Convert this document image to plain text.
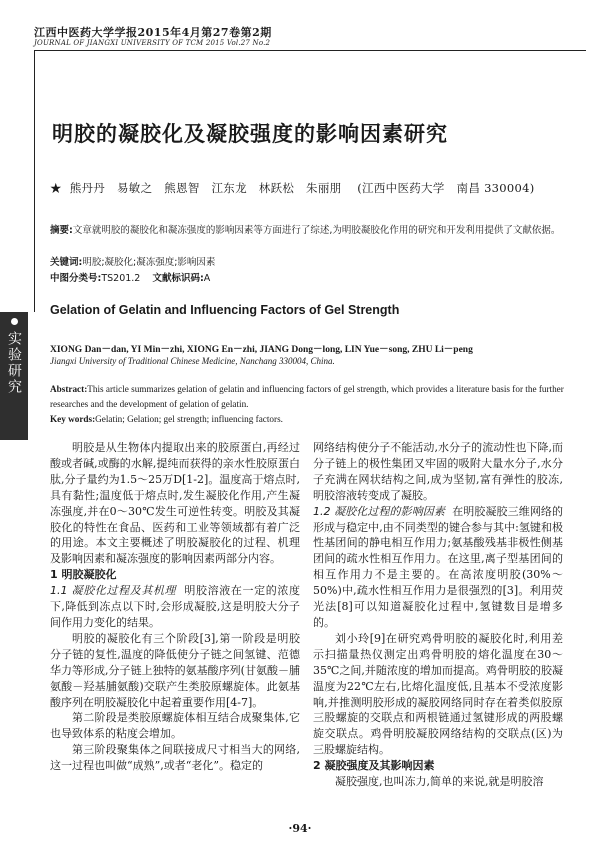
江西中医药大学学报2015年4月第27卷第2期
JOURNAL OF JIANGXI UNIVERSITY OF TCM 2015 Vol.27 No.2
实验研究
明胶的凝胶化及凝胶强度的影响因素研究
★  熊丹丹   易敏之   熊恩智   江东龙   林跃松   朱丽朋    (江西中医药大学   南昌 330004)
摘要:文章就明胶的凝胶化和凝冻强度的影响因素等方面进行了综述,为明胶凝胶化作用的研究和开发利用提供了文献依据。
关键词:明胶;凝胶化;凝冻强度;影响因素
中图分类号:TS201.2 文献标识码:A
Gelation of Gelatin and Influencing Factors of Gel Strength
XIONG Dan－dan, YI Min－zhi, XIONG En－zhi, JIANG Dong－long, LIN Yue－song, ZHU Li－peng
Jiangxi University of Traditional Chinese Medicine, Nanchang 330004, China.
Abstract:This article summarizes gelation of gelatin and influencing factors of gel strength, which provides a literature basis for the further researches and the development of gelation of gelatin.
Key words:Gelatin; Gelation; gel strength; influencing factors.

明胶是从生物体内提取出来的胶原蛋白,再经过酸或者碱,或酶的水解,提纯而获得的亲水性胶原蛋白肽,分子量约为1.5～25万D[1-2]。温度高于熔点时,具有黏性;温度低于熔点时,发生凝胶化作用,产生凝冻强度,并在0～30℃发生可逆性转变。明胶及其凝胶化的特性在食品、医药和工业等领域都有着广泛的用途。本文主要概述了明胶凝胶化的过程、机理及影响因素和凝冻强度的影响因素两部分内容。

1 明胶凝胶化

1.1 凝胶化过程及其机理 明胶溶液在一定的浓度下,降低到冻点以下时,会形成凝胶,这是明胶大分子间作用力变化的结果。

明胶的凝胶化有三个阶段[3],第一阶段是明胶分子链的复性,温度的降低使分子链之间氢键、范德华力等形成,分子链上独特的氨基酸序列(甘氨酸－脯氨酸－羟基脯氨酸)交联产生类胶原螺旋体。此氨基酸序列在明胶凝胶化中起着重要作用[4-7]。

第二阶段是类胶原螺旋体相互结合成聚集体,它也导致体系的粘度会增加。

第三阶段聚集体之间联接成尺寸相当大的网络,这一过程也叫做“成熟”,或者“老化”。稳定的

网络结构使分子不能活动,水分子的流动性也下降,而分子链上的极性集团又牢固的吸附大量水分子,水分子充满在网状结构之间,成为坚韧,富有弹性的胶冻,明胶溶液转变成了凝胶。

1.2 凝胶化过程的影响因素 在明胶凝胶三维网络的形成与稳定中,由不同类型的键合参与其中:氢键和极性基团间的静电相互作用力;氨基酸残基非极性侧基团间的疏水性相互作用力。在这里,离子型基团间的相互作用力不是主要的。在高浓度明胶(30%～50%)中,疏水性相互作用力是很强烈的[3]。利用荧光法[8]可以知道凝胶化过程中,氢键数目是增多的。

刘小玲[9]在研究鸡骨明胶的凝胶化时,利用差示扫描量热仪测定出鸡骨明胶的熔化温度在30～35℃之间,并随浓度的增加而提高。鸡骨明胶的胶凝温度为22℃左右,比熔化温度低,且基本不受浓度影响,并推测明胶形成的凝胶网络同时存在着类似胶原三股螺旋的交联点和两根链通过氢键形成的两股螺旋交联点。鸡骨明胶凝胶网络结构的交联点(区)为三股螺旋结构。

2 凝胶强度及其影响因素

凝胶强度,也叫冻力,简单的来说,就是明胶溶

·94·
